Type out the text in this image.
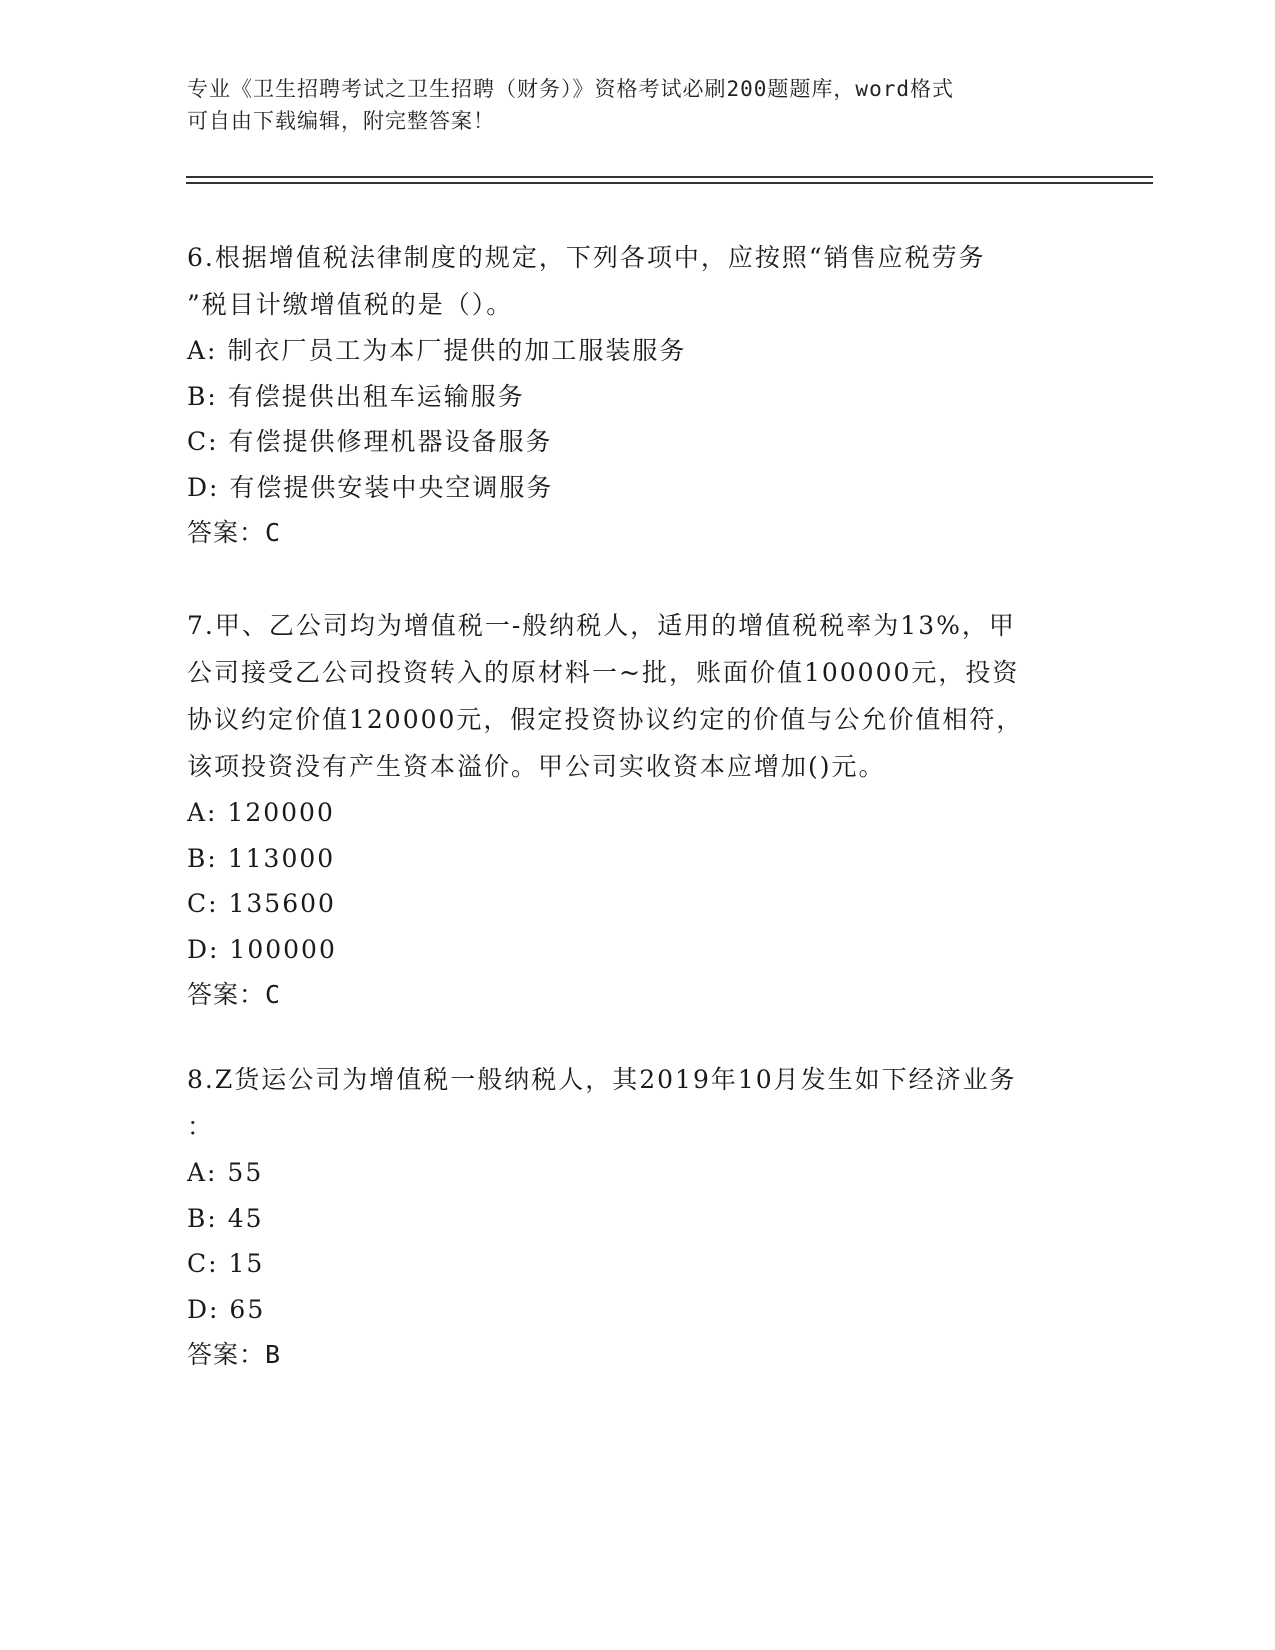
专业《卫生招聘考试之卫生招聘（财务）》资格考试必刷200题题库，word格式
可自由下载编辑，附完整答案！
6.根据增值税法律制度的规定，下列各项中，应按照“销售应税劳务
”税目计缴增值税的是（）。
A: 制衣厂员工为本厂提供的加工服装服务
B: 有偿提供出租车运输服务
C: 有偿提供修理机器设备服务
D: 有偿提供安装中央空调服务
答案：C
7.甲、乙公司均为增值税一-般纳税人，适用的增值税税率为13%，甲
公司接受乙公司投资转入的原材料一~批，账面价值100000元，投资
协议约定价值120000元，假定投资协议约定的价值与公允价值相符，
该项投资没有产生资本溢价。甲公司实收资本应增加()元。
A: 120000
B: 113000
C: 135600
D: 100000
答案：C
8.Z货运公司为增值税一般纳税人，其2019年10月发生如下经济业务
：
A: 55
B: 45
C: 15
D: 65
答案：B
